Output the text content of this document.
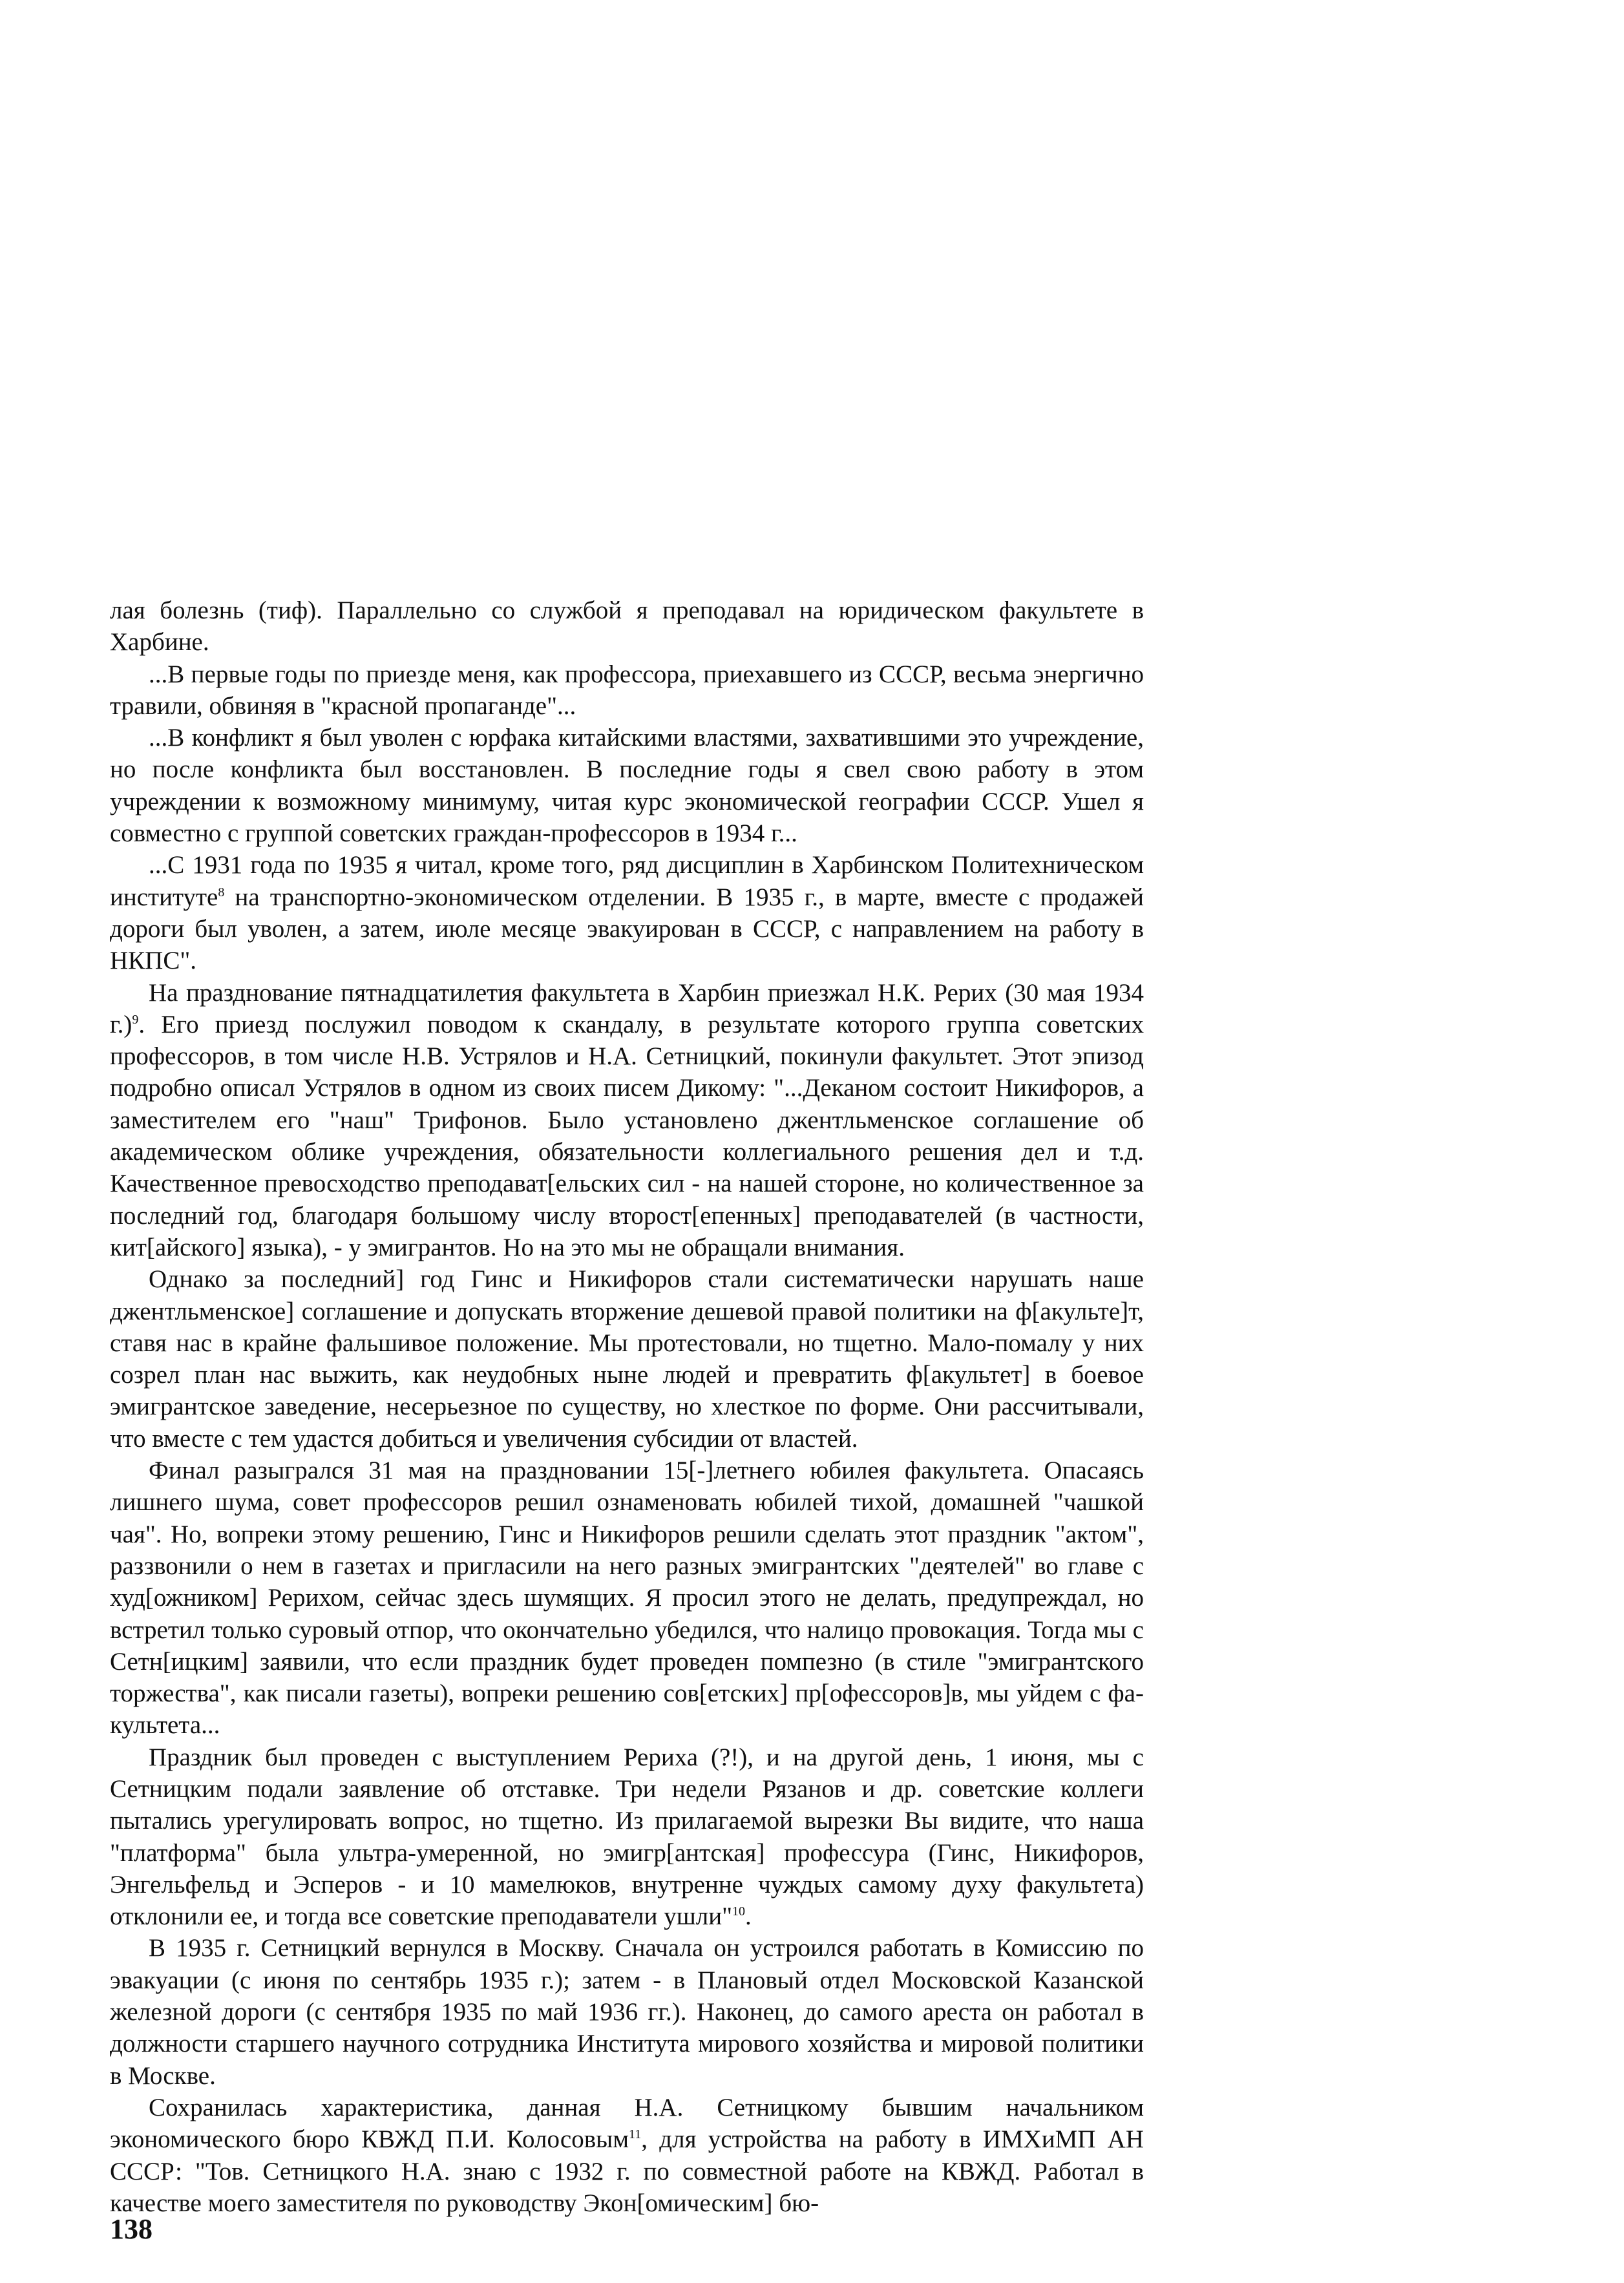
лая болезнь (тиф). Параллельно со службой я преподавал на юридическом факультете в Харбине.

...В первые годы по приезде меня, как профессора, приехавшего из СССР, весьма энергично травили, обвиняя в "красной пропаганде"...

...В конфликт я был уволен с юрфака китайскими властями, захватившими это учреждение, но после конфликта был восстановлен. В последние годы я свел свою работу в этом учреждении к возможному минимуму, читая курс экономической географии СССР. Ушел я совместно с группой советских граждан-профессоров в 1934 г...

...С 1931 года по 1935 я читал, кроме того, ряд дисциплин в Харбинском Политехническом институте$^8$ на транспортно-экономическом отделении. В 1935 г., в марте, вместе с продажей дороги был уволен, а затем, июле месяце эвакуирован в СССР, с направлением на работу в НКПС".

На празднование пятнадцатилетия факультета в Харбин приезжал Н.К. Рерих (30 мая 1934 г.)$^9$. Его приезд послужил поводом к скандалу, в результате которого группа советских профессоров, в том числе Н.В. Устрялов и Н.А. Сетницкий, покинули факультет. Этот эпизод подробно описал Устрялов в одном из своих писем Дикому: "...Деканом состоит Никифоров, а заместителем его "наш" Трифонов. Было установлено джентльменское соглашение об академическом облике учреждения, обязательности коллегиального решения дел и т.д. Качественное превосходство преподават[ельских сил - на нашей стороне, но количественное за последний год, благодаря большому числу второст[епенных] преподавателей (в частности, кит[айского] языка), - у эмигрантов. Но на это мы не обращали внимания.

Однако за последний] год Гинс и Никифоров стали систематически нарушать наше джентльменское] соглашение и допускать вторжение дешевой правой политики на ф[акульте]т, ставя нас в крайне фальшивое положение. Мы протестовали, но тщетно. Мало-помалу у них созрел план нас выжить, как неудобных ныне людей и превратить ф[акультет] в боевое эмигрантское заведение, несерьезное по существу, но хлесткое по форме. Они рассчитывали, что вместе с тем удастся добиться и увеличения субсидии от властей.

Финал разыгрался 31 мая на праздновании 15[-]летнего юбилея факультета. Опасаясь лишнего шума, совет профессоров решил ознаменовать юбилей тихой, домашней "чашкой чая". Но, вопреки этому решению, Гинс и Никифоров решили сделать этот праздник "актом", раззвонили о нем в газетах и пригласили на него разных эмигрантских "деятелей" во главе с худ[ожником] Рерихом, сейчас здесь шумящих. Я просил этого не делать, предупреждал, но встретил только суровый отпор, что окончательно убедился, что налицо провокация. Тогда мы с Сетн[ицким] заявили, что если праздник будет проведен помпезно (в стиле "эмигрантского торжества", как писали газеты), вопреки решению сов[етских] пр[офессоров]в, мы уйдем с факультета...

Праздник был проведен с выступлением Рериха (?!), и на другой день, 1 июня, мы с Сетницким подали заявление об отставке. Три недели Рязанов и др. советские коллеги пытались урегулировать вопрос, но тщетно. Из прилагаемой вырезки Вы видите, что наша "платформа" была ультра-умеренной, но эмигр[антская] профессура (Гинс, Никифоров, Энгельфельд и Эсперов - и 10 мамелюков, внутренне чуждых самому духу факультета) отклонили ее, и тогда все советские преподаватели ушли"$^{10}$.

В 1935 г. Сетницкий вернулся в Москву. Сначала он устроился работать в Комиссию по эвакуации (с июня по сентябрь 1935 г.); затем - в Плановый отдел Московской Казанской железной дороги (с сентября 1935 по май 1936 гг.). Наконец, до самого ареста он работал в должности старшего научного сотрудника Института мирового хозяйства и мировой политики в Москве.

Сохранилась характеристика, данная Н.А. Сетницкому бывшим начальником экономического бюро КВЖД П.И. Колосовым$^{11}$, для устройства на работу в ИМХиМП АН СССР: "Тов. Сетницкого Н.А. знаю с 1932 г. по совместной работе на КВЖД. Работал в качестве моего заместителя по руководству Экон[омическим] бю-

138
